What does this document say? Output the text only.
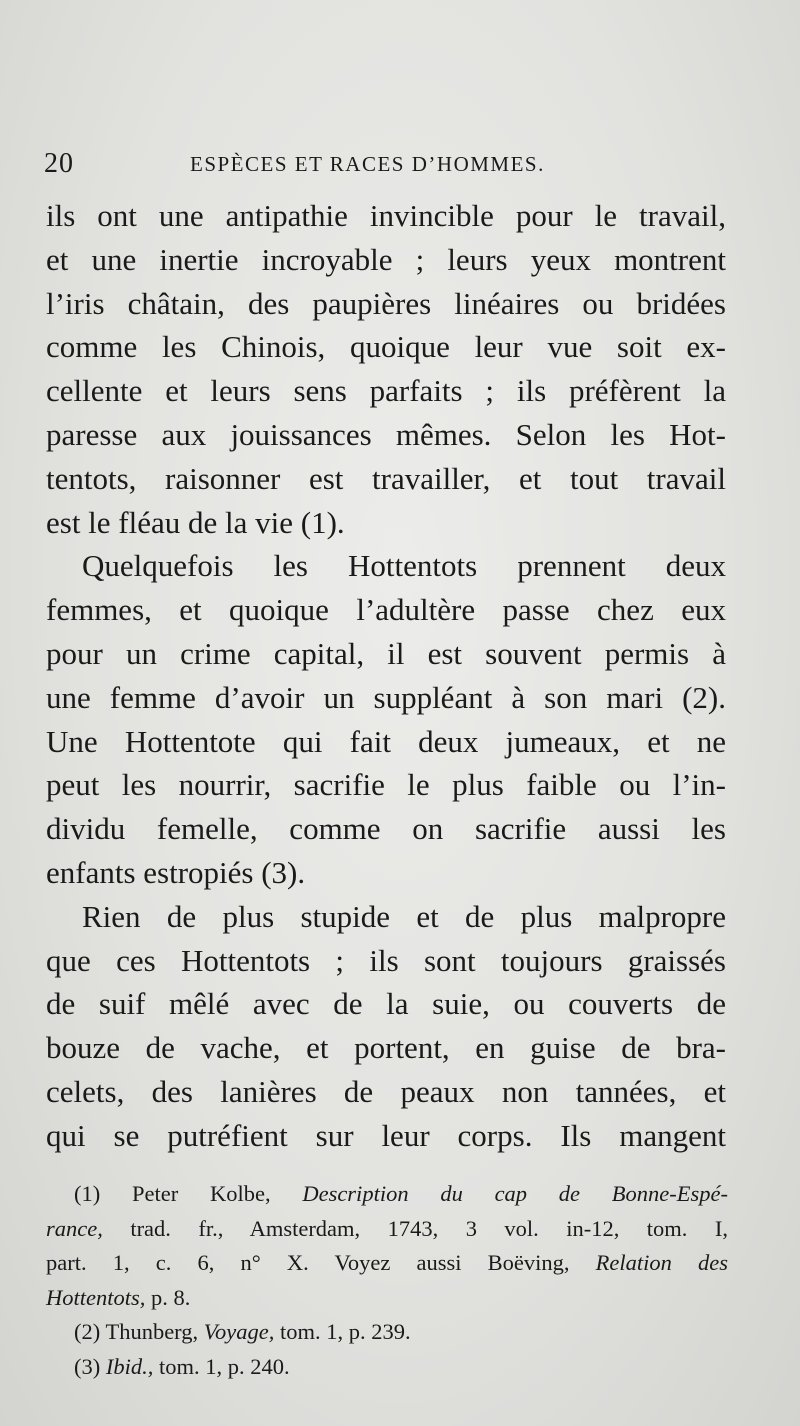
20	ESPÈCES ET RACES D’HOMMES.
ils ont une antipathie invincible pour le travail,
et une inertie incroyable ; leurs yeux montrent
l’iris châtain, des paupières linéaires ou bridées
comme les Chinois, quoique leur vue soit ex-
cellente et leurs sens parfaits ; ils préfèrent la
paresse aux jouissances mêmes. Selon les Hot-
tentots, raisonner est travailler, et tout travail
est le fléau de la vie (1).
Quelquefois les Hottentots prennent deux
femmes, et quoique l’adultère passe chez eux
pour un crime capital, il est souvent permis à
une femme d’avoir un suppléant à son mari (2).
Une Hottentote qui fait deux jumeaux, et ne
peut les nourrir, sacrifie le plus faible ou l’in-
dividu femelle, comme on sacrifie aussi les
enfants estropiés (3).
Rien de plus stupide et de plus malpropre
que ces Hottentots ; ils sont toujours graissés
de suif mêlé avec de la suie, ou couverts de
bouze de vache, et portent, en guise de bra-
celets, des lanières de peaux non tannées, et
qui se putréfient sur leur corps. Ils mangent
(1) Peter Kolbe, Description du cap de Bonne-Espé-
rance, trad. fr., Amsterdam, 1743, 3 vol. in-12, tom. I,
part. 1, c. 6, n° X. Voyez aussi Boëving, Relation des
Hottentots, p. 8.
(2) Thunberg, Voyage, tom. 1, p. 239.
(3) Ibid., tom. 1, p. 240.
